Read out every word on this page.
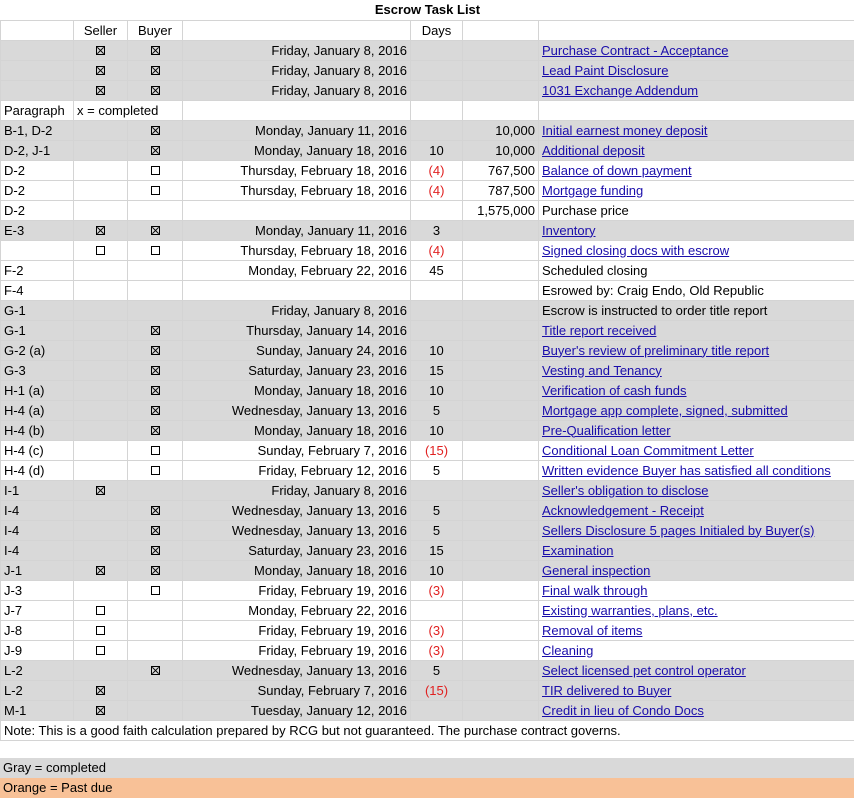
Escrow Task List						
	Seller	Buyer		Days		
			Friday, January 8, 2016			Purchase Contract - Acceptance
			Friday, January 8, 2016			Lead Paint Disclosure
			Friday, January 8, 2016			1031 Exchange Addendum
Paragraph	x = completed					
B-1, D-2			Monday, January 11, 2016		10,000	Initial earnest money deposit
D-2, J-1			Monday, January 18, 2016	10	10,000	Additional deposit
D-2			Thursday, February 18, 2016	(4)	767,500	Balance of down payment
D-2			Thursday, February 18, 2016	(4)	787,500	Mortgage funding
D-2					1,575,000	Purchase price
E-3			Monday, January 11, 2016	3		Inventory
			Thursday, February 18, 2016	(4)		Signed closing docs with escrow
F-2			Monday, February 22, 2016	45		Scheduled closing
F-4						Esrowed by: Craig Endo, Old Republic
G-1			Friday, January 8, 2016			Escrow is instructed to order title report
G-1			Thursday, January 14, 2016			Title report received
G-2 (a)			Sunday, January 24, 2016	10		Buyer's review of preliminary title report
G-3			Saturday, January 23, 2016	15		Vesting and Tenancy
H-1 (a)			Monday, January 18, 2016	10		Verification of cash funds
H-4 (a)			Wednesday, January 13, 2016	5		Mortgage app complete, signed, submitted
H-4 (b)			Monday, January 18, 2016	10		Pre-Qualification letter
H-4 (c)			Sunday, February 7, 2016	(15)		Conditional Loan Commitment Letter
H-4 (d)			Friday, February 12, 2016	5		Written evidence Buyer has satisfied all conditions
I-1			Friday, January 8, 2016			Seller's obligation to disclose
I-4			Wednesday, January 13, 2016	5		Acknowledgement - Receipt
I-4			Wednesday, January 13, 2016	5		Sellers Disclosure 5 pages Initialed by Buyer(s)
I-4			Saturday, January 23, 2016	15		Examination
J-1			Monday, January 18, 2016	10		General inspection
J-3			Friday, February 19, 2016	(3)		Final walk through
J-7			Monday, February 22, 2016			Existing warranties, plans, etc.
J-8			Friday, February 19, 2016	(3)		Removal of items
J-9			Friday, February 19, 2016	(3)		Cleaning
L-2			Wednesday, January 13, 2016	5		Select licensed pet control operator
L-2			Sunday, February 7, 2016	(15)		TIR delivered to Buyer
M-1			Tuesday, January 12, 2016			Credit in lieu of Condo Docs
Note: This is a good faith calculation prepared by RCG but not guaranteed. The purchase contract governs.						
Gray = completed
Orange = Past due
